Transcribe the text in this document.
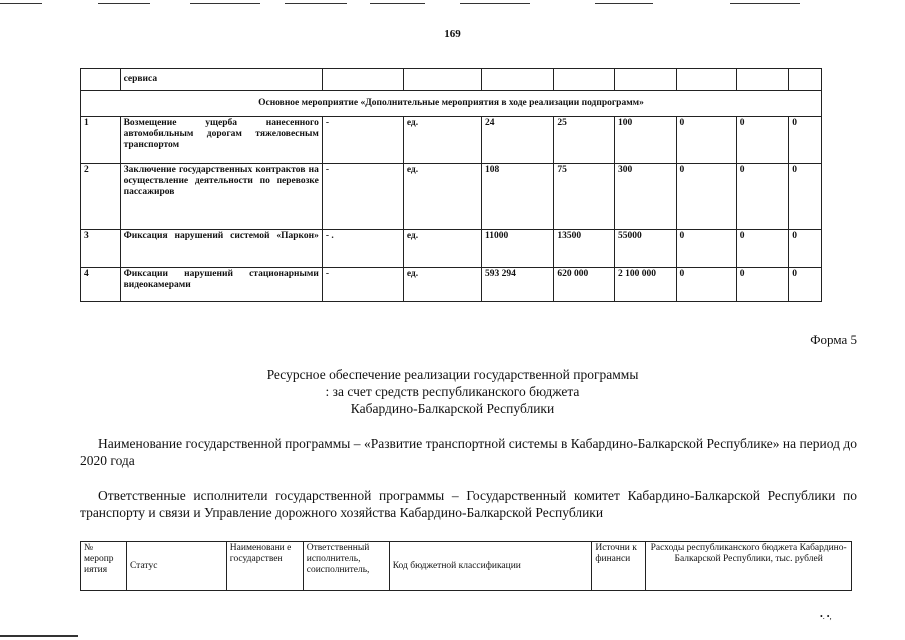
169
	сервиса								
Основное мероприятие «Дополнительные мероприятия в ходе реализации подпрограмм»									
1	Возмещение ущерба нанесенного автомобильным дорогам тяжеловесным транспортом	-	ед.	24	25	100	0	0	0
2	Заключение государственных контрактов на осуществление деятельности по перевозке пассажиров	-	ед.	108	75	300	0	0	0
3	Фиксация нарушений системой «Паркон»	- .	ед.	11000	13500	55000	0	0	0
4	Фиксации нарушений стационарными видеокамерами	-	ед.	593 294	620 000	2 100 000	0	0	0
Форма 5
Ресурсное обеспечение реализации государственной программы
: за счет средств республиканского бюджета
Кабардино-Балкарской Республики
Наименование государственной программы – «Развитие транспортной системы в Кабардино-Балкарской Республике» на период до 2020 года
Ответственные исполнители государственной программы – Государственный комитет Кабардино-Балкарской Республики по транспорту и связи и Управление дорожного хозяйства Кабардино-Балкарской Республики
№ меропр иятия	Статус	Наименовани е государствен	Ответственный исполнитель, соисполнитель,	Код бюджетной классификации	Источни к финанси	Расходы республиканского бюджета Кабардино-Балкарской Республики, тыс. рублей
•. •,
